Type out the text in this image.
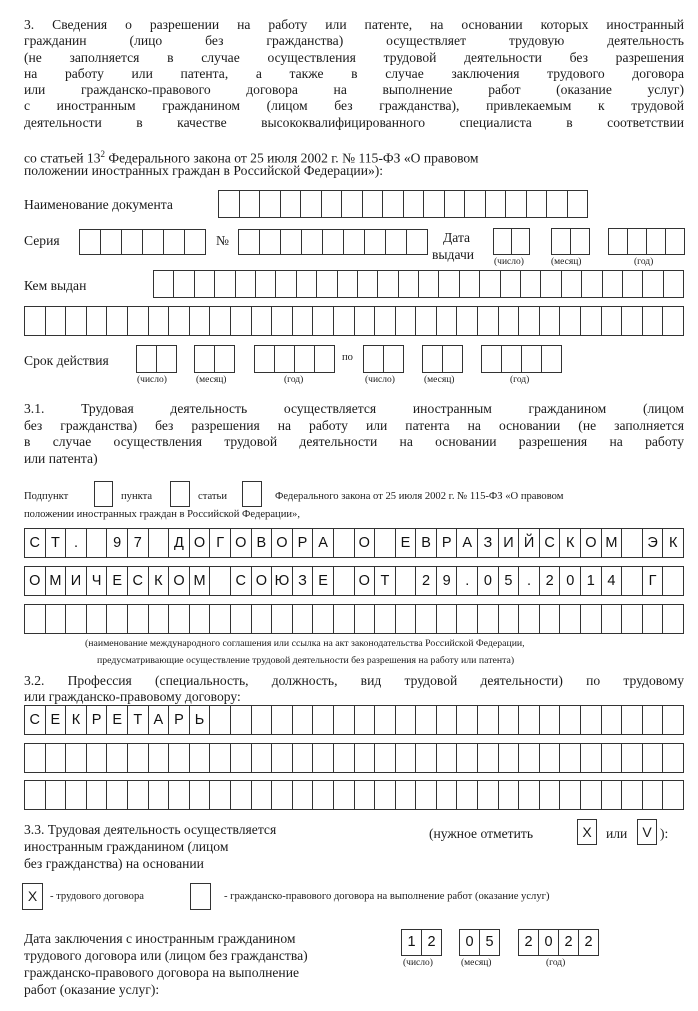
3. Сведения о разрешении на работу или патенте, на основании которых иностранный
гражданин (лицо без гражданства) осуществляет трудовую деятельность
(не заполняется в случае осуществления трудовой деятельности без разрешения
на работу или патента, а также в случае заключения трудового договора
или гражданско-правового договора на выполнение работ (оказание услуг)
с иностранным гражданином (лицом без гражданства), привлекаемым к трудовой
деятельности в качестве высококвалифицированного специалиста в соответствии
со статьей $13^2$ Федерального закона от 25 июля 2002 г. № 115-ФЗ «О правовом
положении иностранных граждан в Российской Федерации»):
Наименование документа
Серия	№	Дата
выдачи (число)	(месяц)	(год)
Кем выдан
Срок действия
(число)	(месяц)	(год)
по
(число)	(месяц)	(год)
3.1. Трудовая деятельность осуществляется иностранным гражданином (лицом
без гражданства) без разрешения на работу или патента на основании (не заполняется
в случае осуществления трудовой деятельности на основании разрешения на работу
или патента)
Подпункт	пункта	статьи	Федерального закона от 25 июля 2002 г. № 115-ФЗ «О правовом
положении иностранных граждан в Российской Федерации»,
С Т .	9 7	Д О Г О В О Р А	О	Е В Р А З И Й С К О М	Э К
О М И Ч Е С К О М	С О Ю З Е	О Т	2 9	.	0 5	.	2 0 1 4	Г
(наименование международного соглашения или ссылка на акт законодательства Российской Федерации,
предусматривающие осуществление трудовой деятельности без разрешения на работу или патента)
3.2. Профессия (специальность, должность, вид трудовой деятельности) по трудовому
или гражданско-правовому договору:
С Е К Р Е Т А Р Ь
3.3. Трудовая деятельность осуществляется
иностранным гражданином (лицом
без гражданства) на основании
(нужное отметить	X	или	V ):
X	- трудового договора	- гражданско-правового договора на выполнение работ (оказание услуг)
Дата заключения с иностранным гражданином
трудового договора или (лицом без гражданства)
гражданско-правового договора на выполнение
работ (оказание услуг):
1 2	0 5	2 0 2 2
(число)	(месяц)	(год)
